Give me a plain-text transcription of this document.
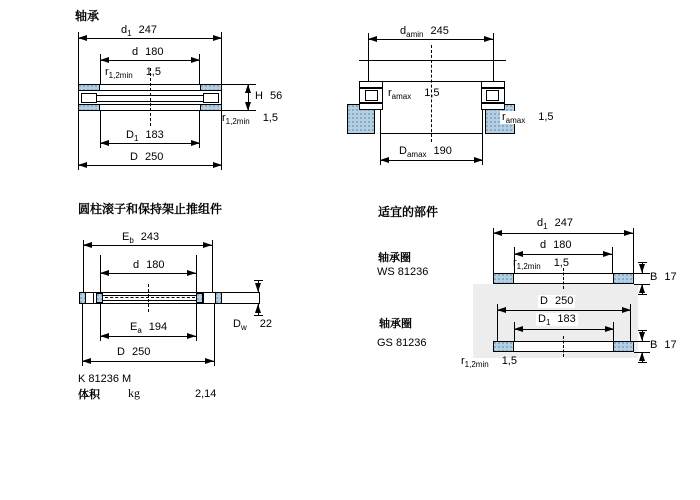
轴承
$d_1$ 247
d 180
$r_{1,2min}$ 1,5
H 56
$r_{1,2min}$ 1,5
$D_1$ 183
D 250
$d_{amin}$ 245
$r_{amax}$ 1,5
$r_{amax}$ 1,5
$D_{amax}$ 190
圆柱滚子和保持架止推组件
$E_b$ 243
d 180
$D_w$ 22
$E_a$ 194
D 250
K 81236 M
体积 kg	2,14
适宜的部件
轴承圈
WS 81236
轴承圈
GS 81236
$d_1$ 247
d 180
$r_{1,2min}$ 1,5
B 17
D 250
$D_1$ 183
B 17
$r_{1,2min}$ 1,5
